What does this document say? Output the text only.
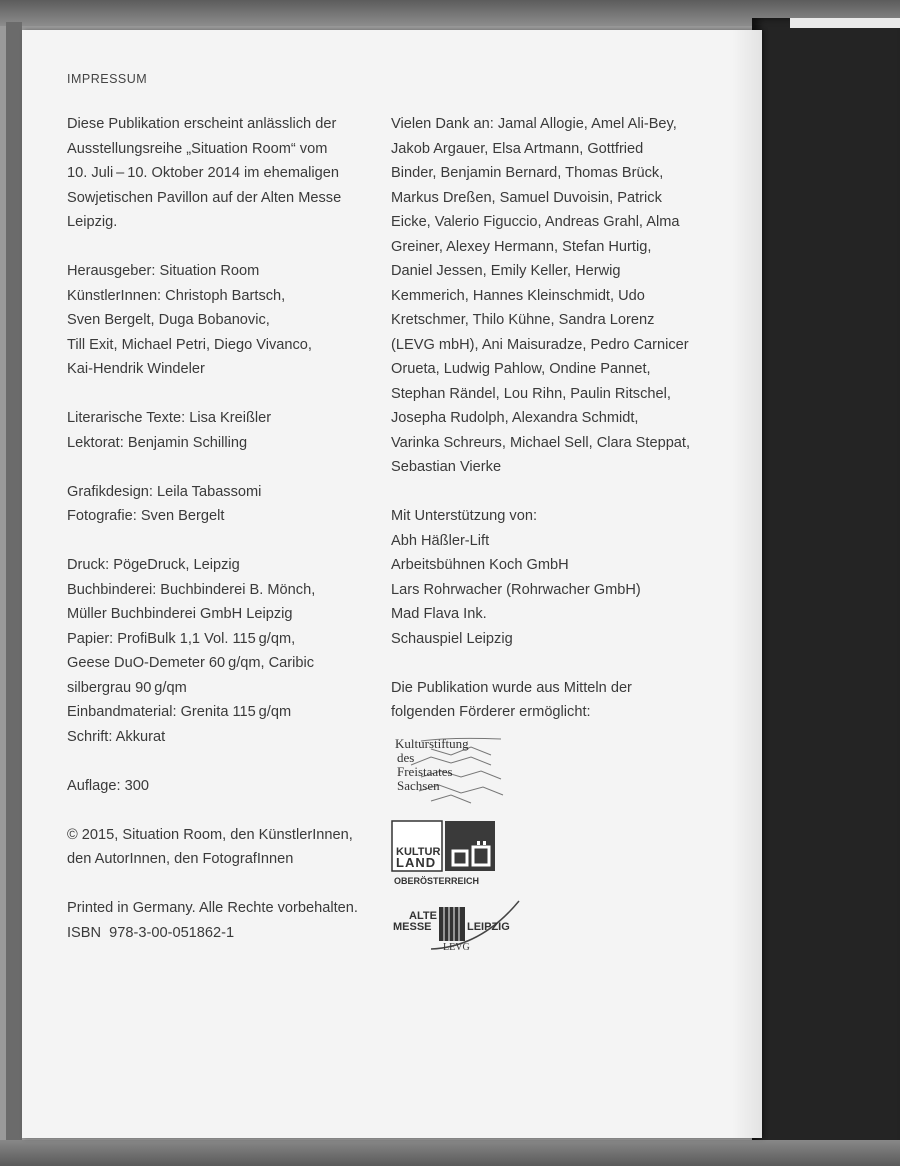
IMPRESSUM
Diese Publikation erscheint anlässlich der
Ausstellungsreihe „Situation Room“ vom
10. Juli – 10. Oktober 2014 im ehemaligen
Sowjetischen Pavillon auf der Alten Messe
Leipzig.
Herausgeber: Situation Room
KünstlerInnen: Christoph Bartsch,
Sven Bergelt, Duga Bobanovic,
Till Exit, Michael Petri, Diego Vivanco,
Kai-Hendrik Windeler
Literarische Texte: Lisa Kreißler
Lektorat: Benjamin Schilling
Grafikdesign: Leila Tabassomi
Fotografie: Sven Bergelt
Druck: PögeDruck, Leipzig
Buchbinderei: Buchbinderei B. Mönch,
Müller Buchbinderei GmbH Leipzig
Papier: ProfiBulk 1,1 Vol. 115 g/qm,
Geese DuO-Demeter 60 g/qm, Caribic
silbergrau 90 g/qm
Einbandmaterial: Grenita 115 g/qm
Schrift: Akkurat
Auflage: 300
© 2015, Situation Room, den KünstlerInnen,
den AutorInnen, den FotografInnen
Printed in Germany. Alle Rechte vorbehalten.
ISBN  978-3-00-051862-1
Vielen Dank an: Jamal Allogie, Amel Ali-Bey,
Jakob Argauer, Elsa Artmann, Gottfried
Binder, Benjamin Bernard, Thomas Brück,
Markus Dreßen, Samuel Duvoisin, Patrick
Eicke, Valerio Figuccio, Andreas Grahl, Alma
Greiner, Alexey Hermann, Stefan Hurtig,
Daniel Jessen, Emily Keller, Herwig
Kemmerich, Hannes Kleinschmidt, Udo
Kretschmer, Thilo Kühne, Sandra Lorenz
(LEVG mbH), Ani Maisuradze, Pedro Carnicer
Orueta, Ludwig Pahlow, Ondine Pannet,
Stephan Rändel, Lou Rihn, Paulin Ritschel,
Josepha Rudolph, Alexandra Schmidt,
Varinka Schreurs, Michael Sell, Clara Steppat,
Sebastian Vierke
Mit Unterstützung von:
Abh Häßler-Lift
Arbeitsbühnen Koch GmbH
Lars Rohrwacher (Rohrwacher GmbH)
Mad Flava Ink.
Schauspiel Leipzig
Die Publikation wurde aus Mitteln der
folgenden Förderer ermöglicht:
Kulturstiftung
des
Freistaates
Sachsen
KULTUR
LAND
OBERÖSTERREICH
ALTE
MESSE	LEIPZIG
LEVG
